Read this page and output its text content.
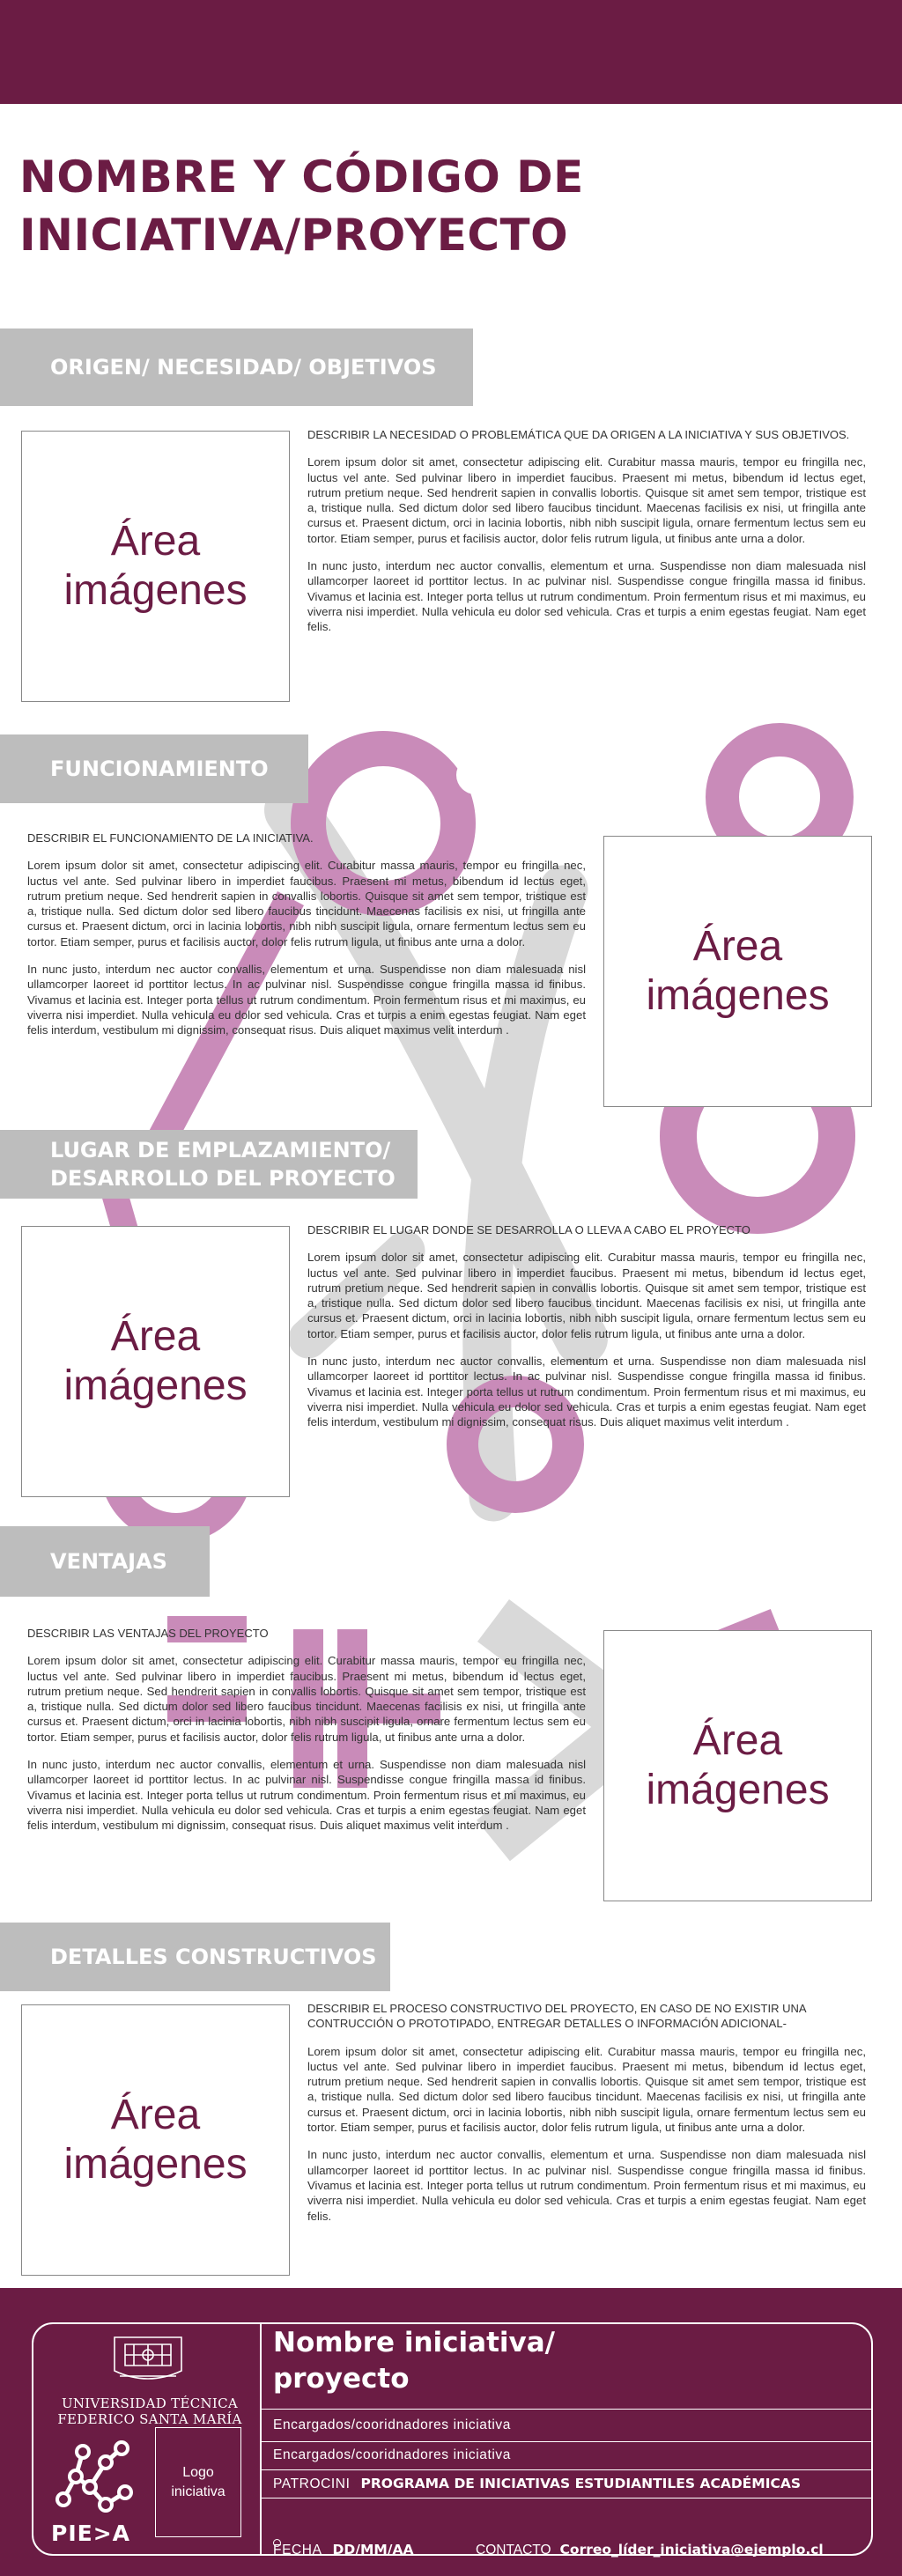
NOMBRE Y CÓDIGO DE
INICIATIVA/PROYECTO
ORIGEN/ NECESIDAD/ OBJETIVOS
Área
imágenes

DESCRIBIR LA NECESIDAD O PROBLEMÁTICA QUE DA ORIGEN A LA INICIATIVA Y SUS OBJETIVOS.

Lorem ipsum dolor sit amet, consectetur adipiscing elit. Curabitur massa mauris, tempor eu fringilla nec, luctus vel ante. Sed pulvinar libero in imperdiet faucibus. Praesent mi metus, bibendum id lectus eget, rutrum pretium neque. Sed hendrerit sapien in convallis lobortis. Quisque sit amet sem tempor, tristique est a, tristique nulla. Sed dictum dolor sed libero faucibus tincidunt. Maecenas facilisis ex nisi, ut fringilla ante cursus et. Praesent dictum, orci in lacinia lobortis, nibh nibh suscipit ligula, ornare fermentum lectus sem eu tortor. Etiam semper, purus et facilisis auctor, dolor felis rutrum ligula, ut finibus ante urna a dolor.

In nunc justo, interdum nec auctor convallis, elementum et urna. Suspendisse non diam malesuada nisl ullamcorper laoreet id porttitor lectus. In ac pulvinar nisl. Suspendisse congue fringilla massa id finibus. Vivamus et lacinia est. Integer porta tellus ut rutrum condimentum. Proin fermentum risus et mi maximus, eu viverra nisi imperdiet. Nulla vehicula eu dolor sed vehicula. Cras et turpis a enim egestas feugiat. Nam eget felis.

FUNCIONAMIENTO

DESCRIBIR EL FUNCIONAMIENTO DE LA INICIATIVA.

Lorem ipsum dolor sit amet, consectetur adipiscing elit. Curabitur massa mauris, tempor eu fringilla nec, luctus vel ante. Sed pulvinar libero in imperdiet faucibus. Praesent mi metus, bibendum id lectus eget, rutrum pretium neque. Sed hendrerit sapien in convallis lobortis. Quisque sit amet sem tempor, tristique est a, tristique nulla. Sed dictum dolor sed libero faucibus tincidunt. Maecenas facilisis ex nisi, ut fringilla ante cursus et. Praesent dictum, orci in lacinia lobortis, nibh nibh suscipit ligula, ornare fermentum lectus sem eu tortor. Etiam semper, purus et facilisis auctor, dolor felis rutrum ligula, ut finibus ante urna a dolor.

In nunc justo, interdum nec auctor convallis, elementum et urna. Suspendisse non diam malesuada nisl ullamcorper laoreet id porttitor lectus. In ac pulvinar nisl. Suspendisse congue fringilla massa id finibus. Vivamus et lacinia est. Integer porta tellus ut rutrum condimentum. Proin fermentum risus et mi maximus, eu viverra nisi imperdiet. Nulla vehicula eu dolor sed vehicula. Cras et turpis a enim egestas feugiat. Nam eget felis interdum, vestibulum mi dignissim, consequat risus. Duis aliquet maximus velit interdum .

Área
imágenes
LUGAR DE EMPLAZAMIENTO/
DESARROLLO DEL PROYECTO
Área
imágenes

DESCRIBIR EL LUGAR DONDE SE DESARROLLA O LLEVA A CABO EL PROYECTO

Lorem ipsum dolor sit amet, consectetur adipiscing elit. Curabitur massa mauris, tempor eu fringilla nec, luctus vel ante. Sed pulvinar libero in imperdiet faucibus. Praesent mi metus, bibendum id lectus eget, rutrum pretium neque. Sed hendrerit sapien in convallis lobortis. Quisque sit amet sem tempor, tristique est a, tristique nulla. Sed dictum dolor sed libero faucibus tincidunt. Maecenas facilisis ex nisi, ut fringilla ante cursus et. Praesent dictum, orci in lacinia lobortis, nibh nibh suscipit ligula, ornare fermentum lectus sem eu tortor. Etiam semper, purus et facilisis auctor, dolor felis rutrum ligula, ut finibus ante urna a dolor.

In nunc justo, interdum nec auctor convallis, elementum et urna. Suspendisse non diam malesuada nisl ullamcorper laoreet id porttitor lectus. In ac pulvinar nisl. Suspendisse congue fringilla massa id finibus. Vivamus et lacinia est. Integer porta tellus ut rutrum condimentum. Proin fermentum risus et mi maximus, eu viverra nisi imperdiet. Nulla vehicula eu dolor sed vehicula. Cras et turpis a enim egestas feugiat. Nam eget felis interdum, vestibulum mi dignissim, consequat risus. Duis aliquet maximus velit interdum .

VENTAJAS

DESCRIBIR LAS VENTAJAS DEL PROYECTO

Lorem ipsum dolor sit amet, consectetur adipiscing elit. Curabitur massa mauris, tempor eu fringilla nec, luctus vel ante. Sed pulvinar libero in imperdiet faucibus. Praesent mi metus, bibendum id lectus eget, rutrum pretium neque. Sed hendrerit sapien in convallis lobortis. Quisque sit amet sem tempor, tristique est a, tristique nulla. Sed dictum dolor sed libero faucibus tincidunt. Maecenas facilisis ex nisi, ut fringilla ante cursus et. Praesent dictum, orci in lacinia lobortis, nibh nibh suscipit ligula, ornare fermentum lectus sem eu tortor. Etiam semper, purus et facilisis auctor, dolor felis rutrum ligula, ut finibus ante urna a dolor.

In nunc justo, interdum nec auctor convallis, elementum et urna. Suspendisse non diam malesuada nisl ullamcorper laoreet id porttitor lectus. In ac pulvinar nisl. Suspendisse congue fringilla massa id finibus. Vivamus et lacinia est. Integer porta tellus ut rutrum condimentum. Proin fermentum risus et mi maximus, eu viverra nisi imperdiet. Nulla vehicula eu dolor sed vehicula. Cras et turpis a enim egestas feugiat. Nam eget felis interdum, vestibulum mi dignissim, consequat risus. Duis aliquet maximus velit interdum .

Área
imágenes
DETALLES CONSTRUCTIVOS
Área
imágenes

DESCRIBIR EL PROCESO CONSTRUCTIVO DEL PROYECTO, EN CASO DE NO EXISTIR UNA CONTRUCCIÓN O PROTOTIPADO, ENTREGAR DETALLES O INFORMACIÓN ADICIONAL-

Lorem ipsum dolor sit amet, consectetur adipiscing elit. Curabitur massa mauris, tempor eu fringilla nec, luctus vel ante. Sed pulvinar libero in imperdiet faucibus. Praesent mi metus, bibendum id lectus eget, rutrum pretium neque. Sed hendrerit sapien in convallis lobortis. Quisque sit amet sem tempor, tristique est a, tristique nulla. Sed dictum dolor sed libero faucibus tincidunt. Maecenas facilisis ex nisi, ut fringilla ante cursus et. Praesent dictum, orci in lacinia lobortis, nibh nibh suscipit ligula, ornare fermentum lectus sem eu tortor. Etiam semper, purus et facilisis auctor, dolor felis rutrum ligula, ut finibus ante urna a dolor.

In nunc justo, interdum nec auctor convallis, elementum et urna. Suspendisse non diam malesuada nisl ullamcorper laoreet id porttitor lectus. In ac pulvinar nisl. Suspendisse congue fringilla massa id finibus. Vivamus et lacinia est. Integer porta tellus ut rutrum condimentum. Proin fermentum risus et mi maximus, eu viverra nisi imperdiet. Nulla vehicula eu dolor sed vehicula. Cras et turpis a enim egestas feugiat. Nam eget felis.

UNIVERSIDAD TÉCNICA
FEDERICO SANTA MARÍA
PIE>A
Logo
iniciativa
Nombre iniciativa/
proyecto
Encargados/cooridnadores iniciativa
Encargados/cooridnadores iniciativa
PATROCINI PROGRAMA DE INICIATIVAS ESTUDIANTILES ACADÉMICAS
FECHA DD/MM/AA	CONTACTO Correo_líder_iniciativa@ejemplo.cl
